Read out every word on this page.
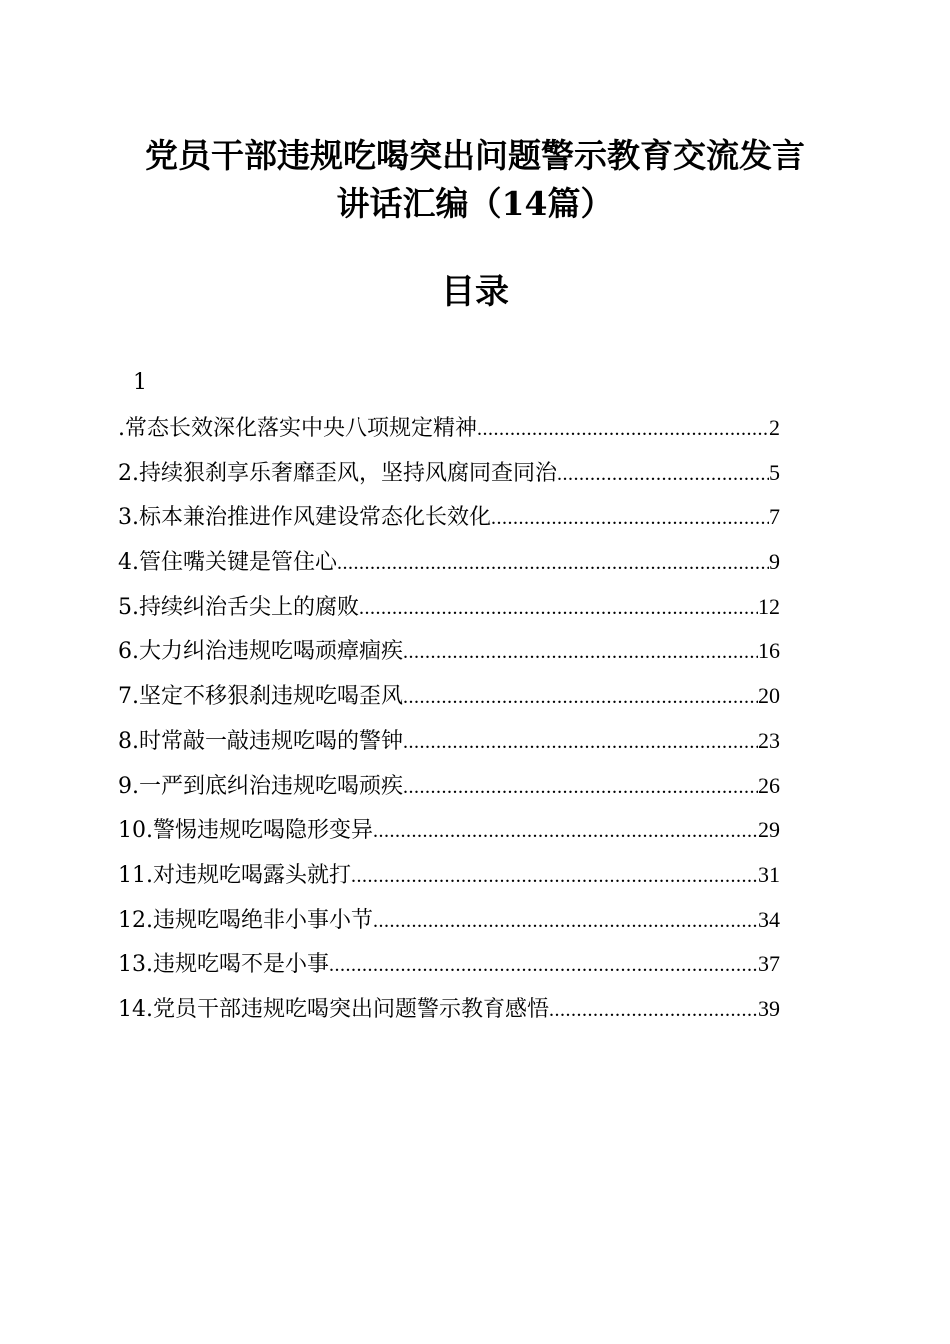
党员干部违规吃喝突出问题警示教育交流发言
讲话汇编（14篇）
目录
1
.常态长效深化落实中央八项规定精神 .....	2
2.持续狠刹享乐奢靡歪风，坚持风腐同查同治 .....	5
3.标本兼治推进作风建设常态化长效化 .....	7
4.管住嘴关键是管住心 .....	9
5.持续纠治舌尖上的腐败 .....	12
6.大力纠治违规吃喝顽瘴痼疾 .....	16
7.坚定不移狠刹违规吃喝歪风 .....	20
8.时常敲一敲违规吃喝的警钟 .....	23
9.一严到底纠治违规吃喝顽疾 .....	26
10.警惕违规吃喝隐形变异 .....	29
11.对违规吃喝露头就打 .....	31
12.违规吃喝绝非小事小节 .....	34
13.违规吃喝不是小事 .....	37
14.党员干部违规吃喝突出问题警示教育感悟 .....	39
